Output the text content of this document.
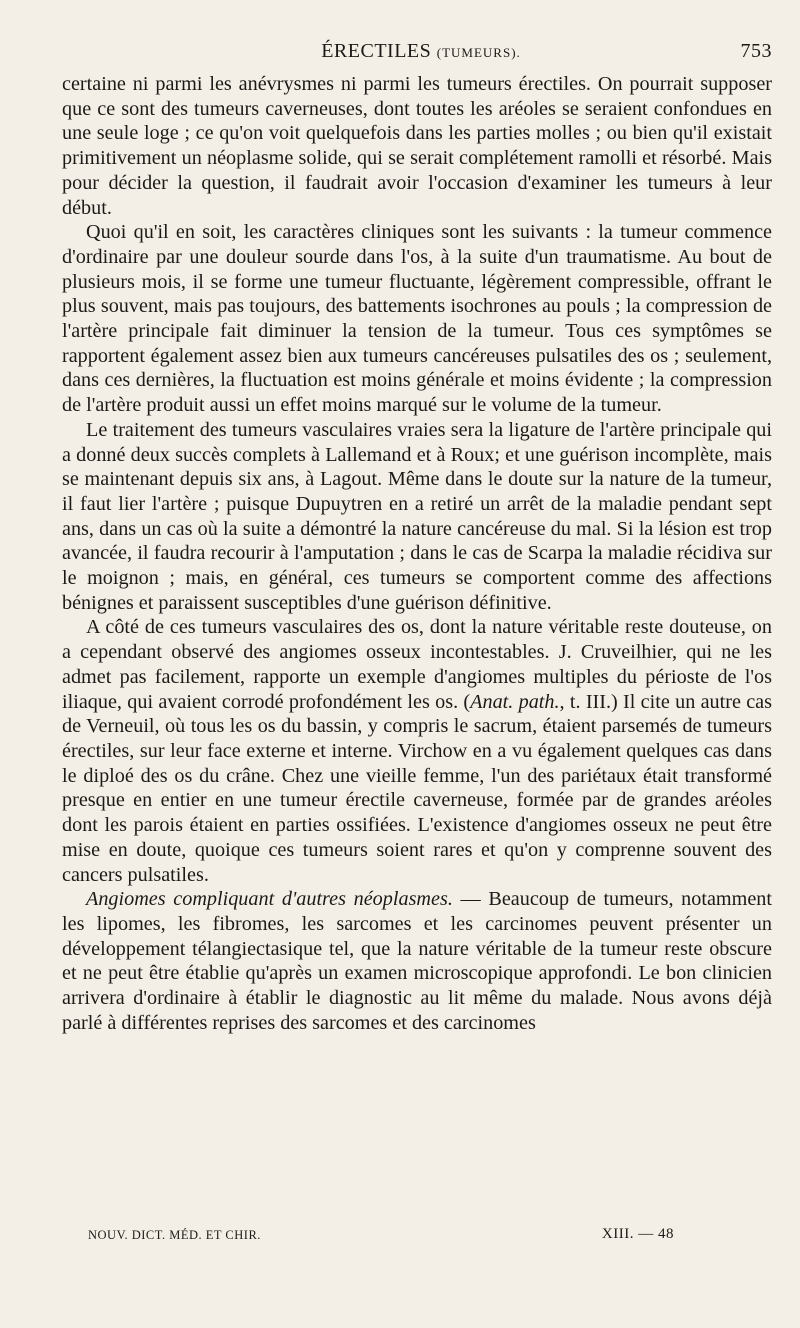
ÉRECTILES (TUMEURS).	753

certaine ni parmi les anévrysmes ni parmi les tumeurs érectiles. On pourrait supposer que ce sont des tumeurs caverneuses, dont toutes les aréoles se seraient confondues en une seule loge ; ce qu'on voit quelquefois dans les parties molles ; ou bien qu'il existait primitivement un néoplasme solide, qui se serait complétement ramolli et résorbé. Mais pour décider la question, il faudrait avoir l'occasion d'examiner les tumeurs à leur début.

Quoi qu'il en soit, les caractères cliniques sont les suivants : la tumeur commence d'ordinaire par une douleur sourde dans l'os, à la suite d'un traumatisme. Au bout de plusieurs mois, il se forme une tumeur fluctuante, légèrement compressible, offrant le plus souvent, mais pas toujours, des battements isochrones au pouls ; la compression de l'artère principale fait diminuer la tension de la tumeur. Tous ces symptômes se rapportent également assez bien aux tumeurs cancéreuses pulsatiles des os ; seulement, dans ces dernières, la fluctuation est moins générale et moins évidente ; la compression de l'artère produit aussi un effet moins marqué sur le volume de la tumeur.

Le traitement des tumeurs vasculaires vraies sera la ligature de l'artère principale qui a donné deux succès complets à Lallemand et à Roux; et une guérison incomplète, mais se maintenant depuis six ans, à Lagout. Même dans le doute sur la nature de la tumeur, il faut lier l'artère ; puisque Dupuytren en a retiré un arrêt de la maladie pendant sept ans, dans un cas où la suite a démontré la nature cancéreuse du mal. Si la lésion est trop avancée, il faudra recourir à l'amputation ; dans le cas de Scarpa la maladie récidiva sur le moignon ; mais, en général, ces tumeurs se comportent comme des affections bénignes et paraissent susceptibles d'une guérison définitive.

A côté de ces tumeurs vasculaires des os, dont la nature véritable reste douteuse, on a cependant observé des angiomes osseux incontestables. J. Cruveilhier, qui ne les admet pas facilement, rapporte un exemple d'angiomes multiples du périoste de l'os iliaque, qui avaient corrodé profondément les os. (Anat. path., t. III.) Il cite un autre cas de Verneuil, où tous les os du bassin, y compris le sacrum, étaient parsemés de tumeurs érectiles, sur leur face externe et interne. Virchow en a vu également quelques cas dans le diploé des os du crâne. Chez une vieille femme, l'un des pariétaux était transformé presque en entier en une tumeur érectile caverneuse, formée par de grandes aréoles dont les parois étaient en parties ossifiées. L'existence d'angiomes osseux ne peut être mise en doute, quoique ces tumeurs soient rares et qu'on y comprenne souvent des cancers pulsatiles.

Angiomes compliquant d'autres néoplasmes. — Beaucoup de tumeurs, notamment les lipomes, les fibromes, les sarcomes et les carcinomes peuvent présenter un développement télangiectasique tel, que la nature véritable de la tumeur reste obscure et ne peut être établie qu'après un examen microscopique approfondi. Le bon clinicien arrivera d'ordinaire à établir le diagnostic au lit même du malade. Nous avons déjà parlé à différentes reprises des sarcomes et des carcinomes

NOUV. DICT. MÉD. ET CHIR.	XIII. — 48
